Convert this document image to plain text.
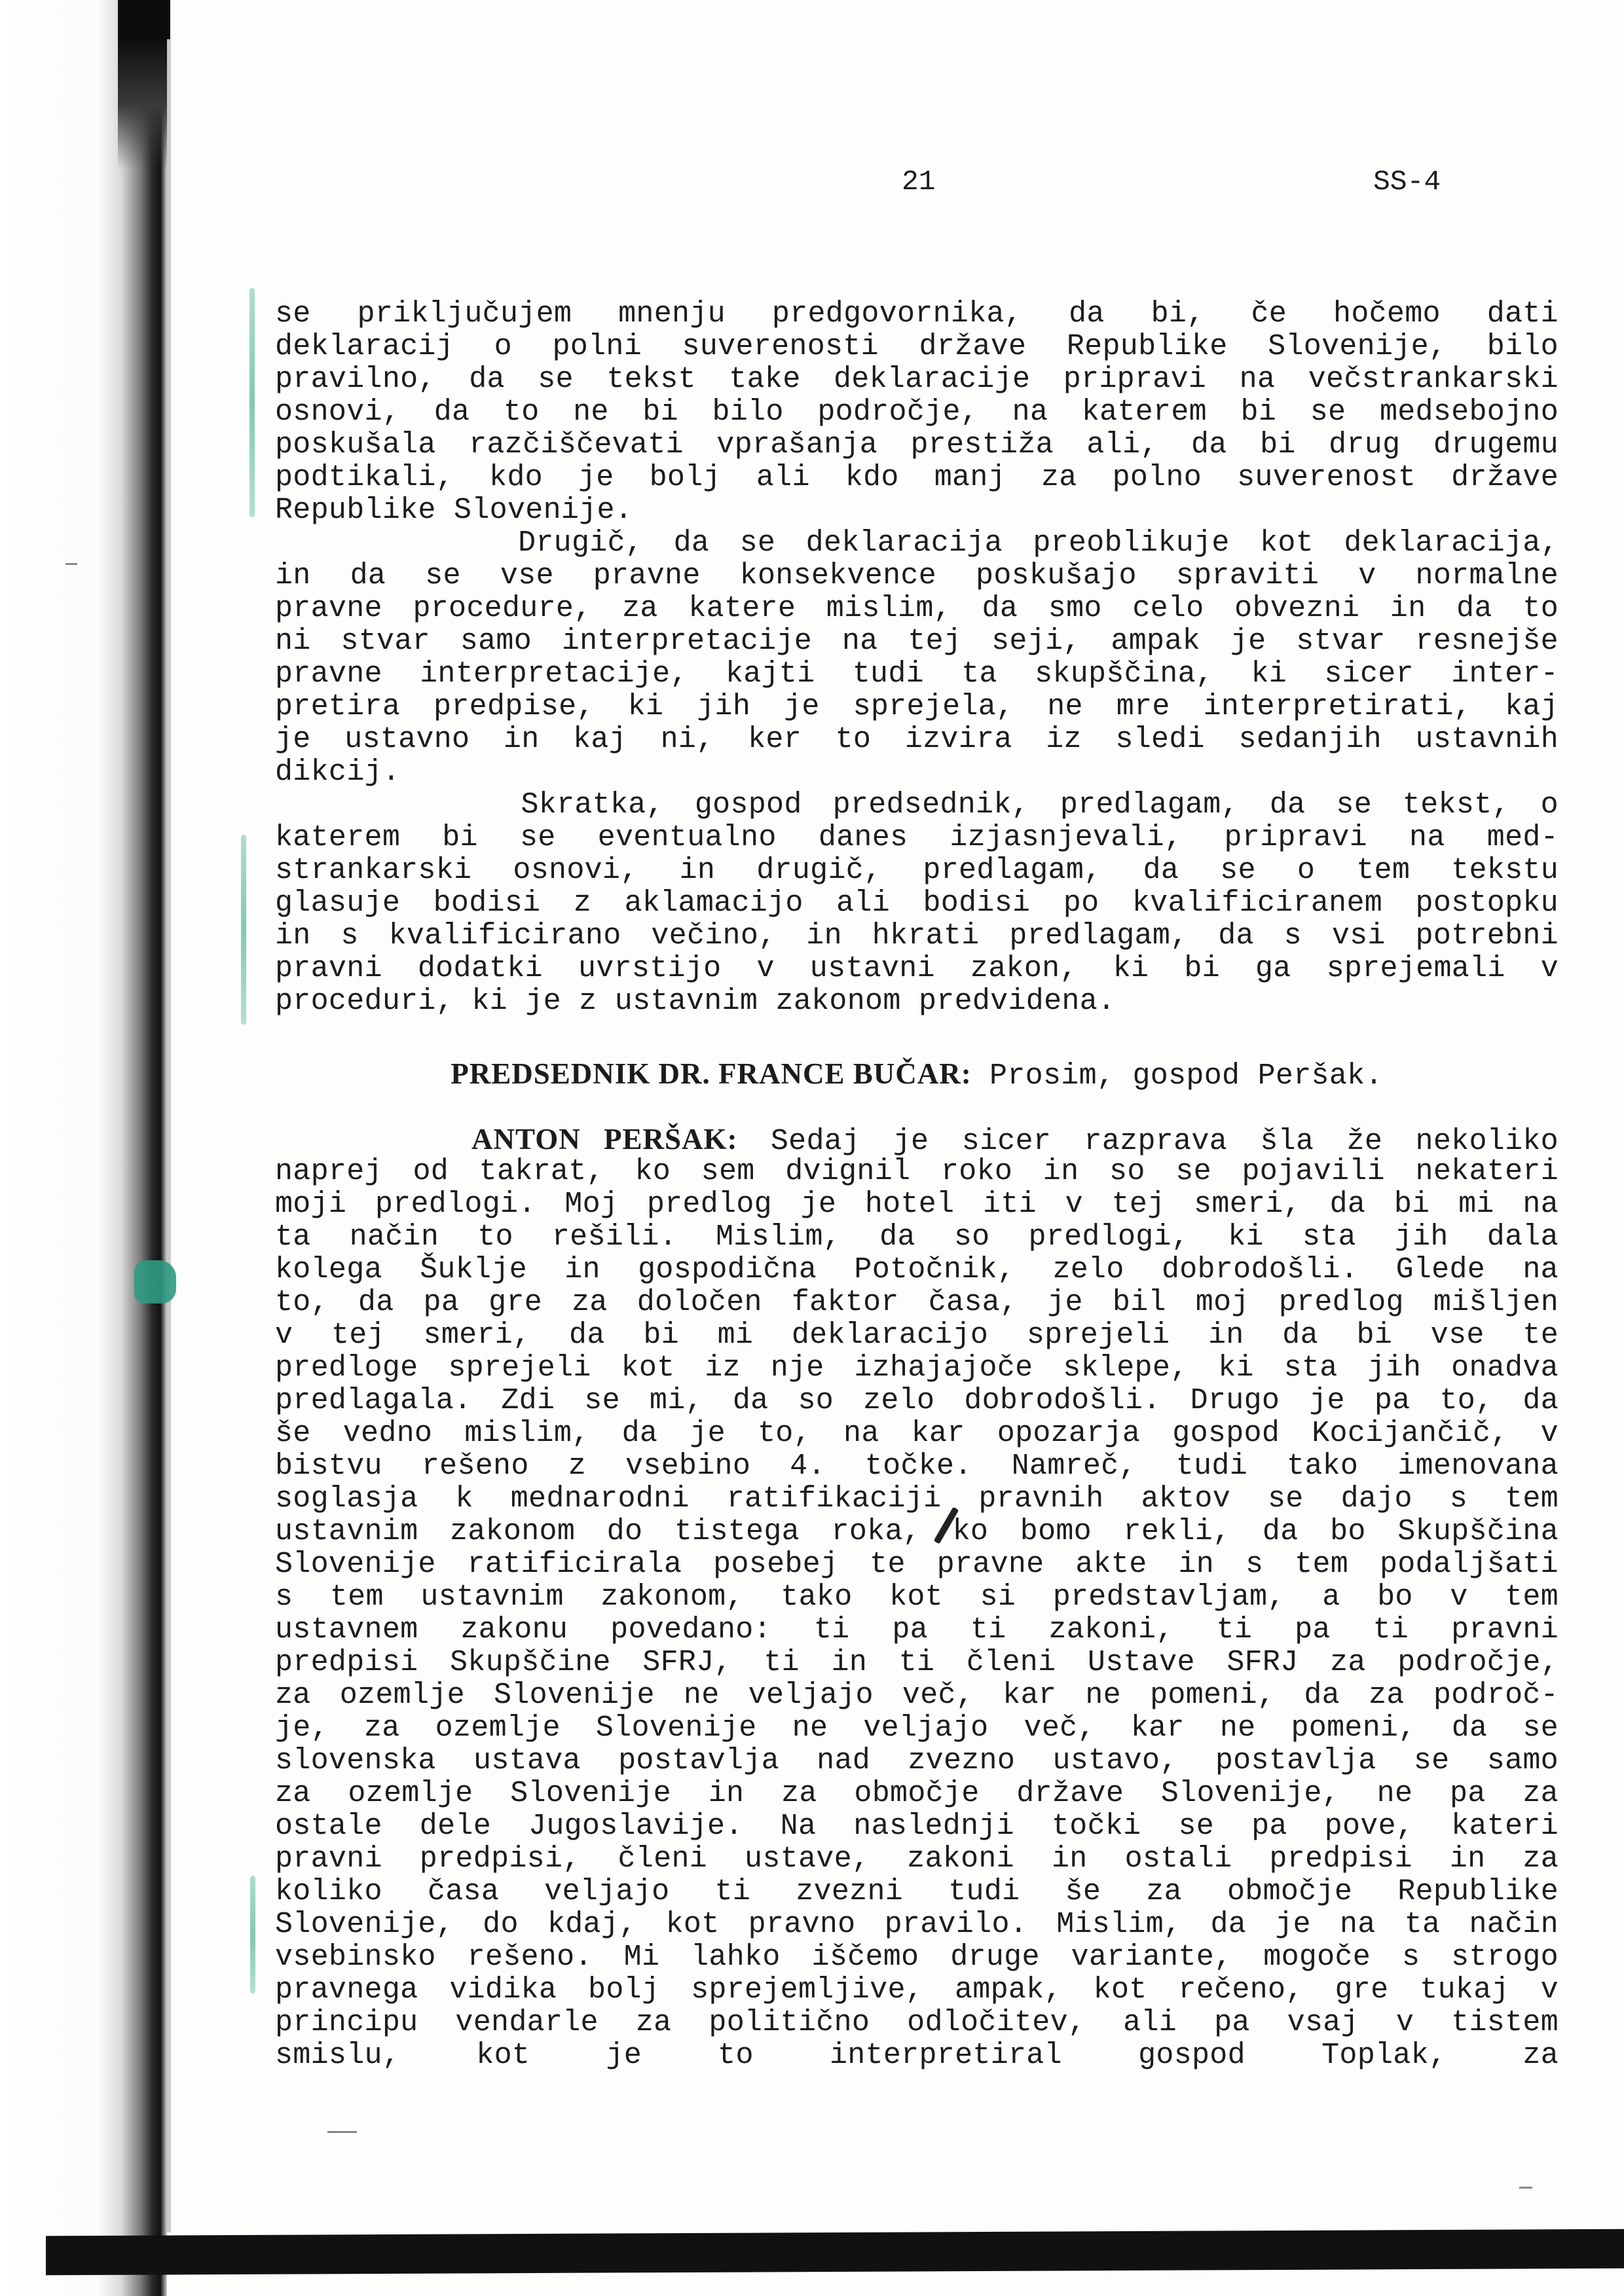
21	SS-4
se priključujem mnenju predgovornika, da bi, če hočemo dati
deklaracij o polni suverenosti države Republike Slovenije, bilo
pravilno, da se tekst take deklaracije pripravi na večstrankarski
osnovi, da to ne bi bilo področje, na katerem bi se medsebojno
poskušala razčiščevati vprašanja prestiža ali, da bi drug drugemu
podtikali, kdo je bolj ali kdo manj za polno suverenost države
Republike Slovenije.
Drugič, da se deklaracija preoblikuje kot deklaracija,
in da se vse pravne konsekvence poskušajo spraviti v normalne
pravne procedure, za katere mislim, da smo celo obvezni in da to
ni stvar samo interpretacije na tej seji, ampak je stvar resnejše
pravne interpretacije, kajti tudi ta skupščina, ki sicer inter-
pretira predpise, ki jih je sprejela, ne mre interpretirati, kaj
je ustavno in kaj ni, ker to izvira iz sledi sedanjih ustavnih
dikcij.
Skratka, gospod predsednik, predlagam, da se tekst, o
katerem bi se eventualno danes izjasnjevali, pripravi na med-
strankarski osnovi, in drugič, predlagam, da se o tem tekstu
glasuje bodisi z aklamacijo ali bodisi po kvalificiranem postopku
in s kvalificirano večino, in hkrati predlagam, da s vsi potrebni
pravni dodatki uvrstijo v ustavni zakon, ki bi ga sprejemali v
proceduri, ki je z ustavnim zakonom predvidena.
PREDSEDNIK DR. FRANCE BUČAR: Prosim, gospod Peršak.
ANTON PERŠAK: Sedaj je sicer razprava šla že nekoliko
naprej od takrat, ko sem dvignil roko in so se pojavili nekateri
moji predlogi. Moj predlog je hotel iti v tej smeri, da bi mi na
ta način to rešili. Mislim, da so predlogi, ki sta jih dala
kolega Šuklje in gospodična Potočnik, zelo dobrodošli. Glede na
to, da pa gre za določen faktor časa, je bil moj predlog mišljen
v tej smeri, da bi mi deklaracijo sprejeli in da bi vse te
predloge sprejeli kot iz nje izhajajoče sklepe, ki sta jih onadva
predlagala. Zdi se mi, da so zelo dobrodošli. Drugo je pa to, da
še vedno mislim, da je to, na kar opozarja gospod Kocijančič, v
bistvu rešeno z vsebino 4. točke. Namreč, tudi tako imenovana
soglasja k mednarodni ratifikaciji pravnih aktov se dajo s tem
ustavnim zakonom do tistega roka, ko bomo rekli, da bo Skupščina
Slovenije ratificirala posebej te pravne akte in s tem podaljšati
s tem ustavnim zakonom, tako kot si predstavljam, a bo v tem
ustavnem zakonu povedano: ti pa ti zakoni, ti pa ti pravni
predpisi Skupščine SFRJ, ti in ti členi Ustave SFRJ za področje,
za ozemlje Slovenije ne veljajo več, kar ne pomeni, da za področ-
je, za ozemlje Slovenije ne veljajo več, kar ne pomeni, da se
slovenska ustava postavlja nad zvezno ustavo, postavlja se samo
za ozemlje Slovenije in za območje države Slovenije, ne pa za
ostale dele Jugoslavije. Na naslednji točki se pa pove, kateri
pravni predpisi, členi ustave, zakoni in ostali predpisi in za
koliko časa veljajo ti zvezni tudi še za območje Republike
Slovenije, do kdaj, kot pravno pravilo. Mislim, da je na ta način
vsebinsko rešeno. Mi lahko iščemo druge variante, mogoče s strogo
pravnega vidika bolj sprejemljive, ampak, kot rečeno, gre tukaj v
principu vendarle za politično odločitev, ali pa vsaj v tistem
smislu, kot je to interpretiral gospod Toplak, za
